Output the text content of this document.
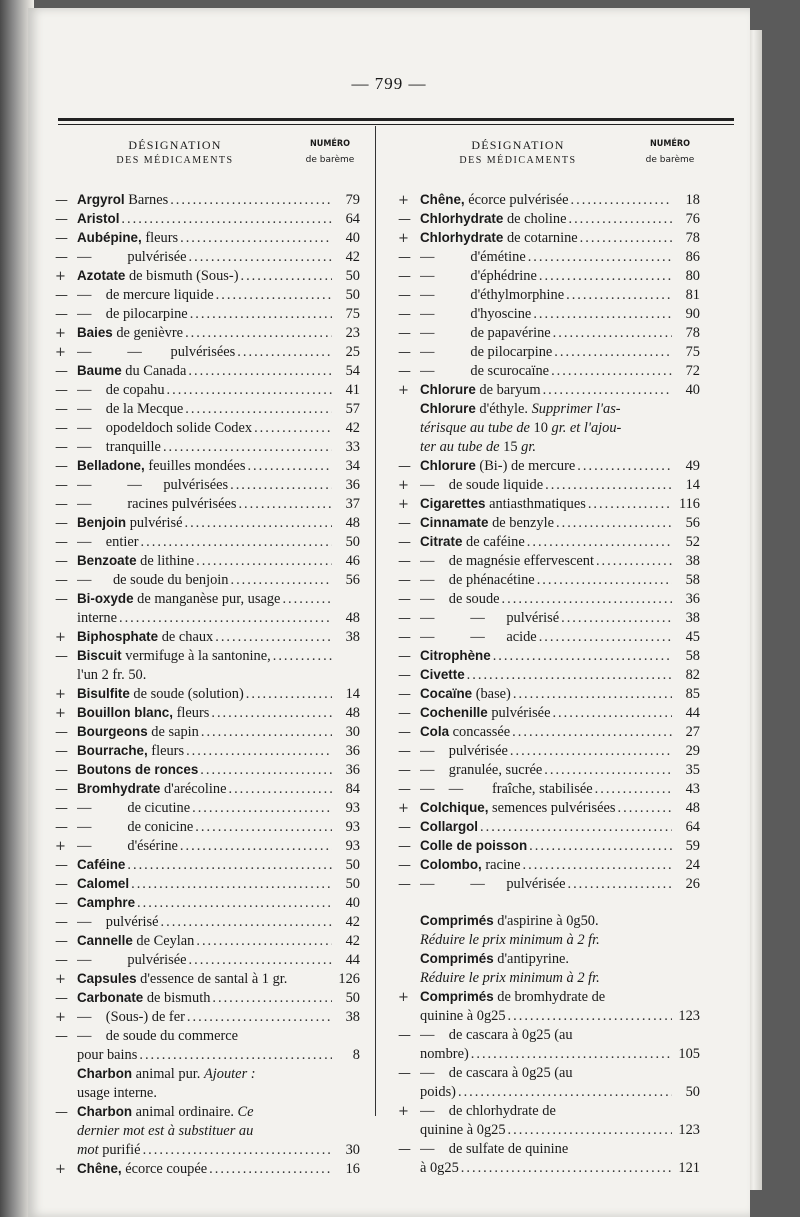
— 799 —
DÉSIGNATION
DES MÉDICAMENTS
NUMÉRO
de barème
— Argyrol Barnes .....	79
— Aristol .....	64
— Aubépine, fleurs .....	40
— —          pulvérisée .....	42
+ Azotate de bismuth (Sous-) .....	50
— —    de mercure liquide .....	50
— —    de pilocarpine .....	75
+ Baies de genièvre .....	23
+ —          —        pulvérisées .....	25
— Baume du Canada .....	54
— —    de copahu .....	41
— —    de la Mecque .....	57
— —    opodeldoch solide Codex .....	42
— —    tranquille .....	33
— Belladone, feuilles mondées .....	34
— —          —      pulvérisées .....	36
— —          racines pulvérisées .....	37
— Benjoin pulvérisé .....	48
— —    entier .....	50
— Benzoate de lithine .....	46
— —      de soude du benjoin .....	56
— Bi-oxyde de manganèse pur, usage
.....
interne .....	48
+ Biphosphate de chaux .....	38
— Biscuit vermifuge à la santonine,
.....
l'un 2 fr. 50.
+ Bisulfite de soude (solution) .....	14
+ Bouillon blanc, fleurs .....	48
— Bourgeons de sapin .....	30
— Bourrache, fleurs .....	36
— Boutons de ronces .....	36
— Bromhydrate d'arécoline .....	84
— —          de cicutine .....	93
— —          de conicine .....	93
+ —          d'ésérine .....	93
— Caféine .....	50
— Calomel .....	50
— Camphre .....	40
— —    pulvérisé .....	42
— Cannelle de Ceylan .....	42
— —          pulvérisée .....	44
+ Capsules d'essence de santal à 1 gr.	126
— Carbonate de bismuth .....	50
+ —    (Sous-) de fer .....	38
— —    de soude du commerce
pour bains .....	8
Charbon animal pur. Ajouter :
usage interne.
— Charbon animal ordinaire. Ce
dernier mot est à substituer au
mot purifié .....	30
+ Chêne, écorce coupée .....	16
DÉSIGNATION
DES MÉDICAMENTS
NUMÉRO
de barème
+ Chêne, écorce pulvérisée .....	18
— Chlorhydrate de choline .....	76
+ Chlorhydrate de cotarnine .....	78
— —          d'émétine .....	86
— —          d'éphédrine .....	80
— —          d'éthylmorphine .....	81
— —          d'hyoscine .....	90
— —          de papavérine .....	78
— —          de pilocarpine .....	75
— —          de scurocaïne .....	72
+ Chlorure de baryum .....	40
Chlorure d'éthyle. Supprimer l'as-
térisque au tube de 10 gr. et l'ajou-
ter au tube de 15 gr.
— Chlorure (Bi-) de mercure .....	49
+ —    de soude liquide .....	14
+ Cigarettes antiasthmatiques .....	116
— Cinnamate de benzyle .....	56
— Citrate de caféine .....	52
— —    de magnésie effervescent .....	38
— —    de phénacétine .....	58
— —    de soude .....	36
— —          —      pulvérisé .....	38
— —          —      acide .....	45
— Citrophène .....	58
— Civette .....	82
— Cocaïne (base) .....	85
— Cochenille pulvérisée .....	44
— Cola concassée .....	27
— —    pulvérisée .....	29
— —    granulée, sucrée .....	35
— —    —        fraîche, stabilisée .....	43
+ Colchique, semences pulvérisées .....	48
— Collargol .....	64
— Colle de poisson .....	59
— Colombo, racine .....	24
— —          —      pulvérisée .....	26
Comprimés d'aspirine à 0g50.
Réduire le prix minimum à 2 fr.
Comprimés d'antipyrine.
Réduire le prix minimum à 2 fr.
+ Comprimés de bromhydrate de
quinine à 0g25 .....	123
— —    de cascara à 0g25 (au
nombre) .....	105
— —    de cascara à 0g25 (au
poids) .....	50
+ —    de chlorhydrate de
quinine à 0g25 .....	123
— —    de sulfate de quinine
à 0g25 .....	121
